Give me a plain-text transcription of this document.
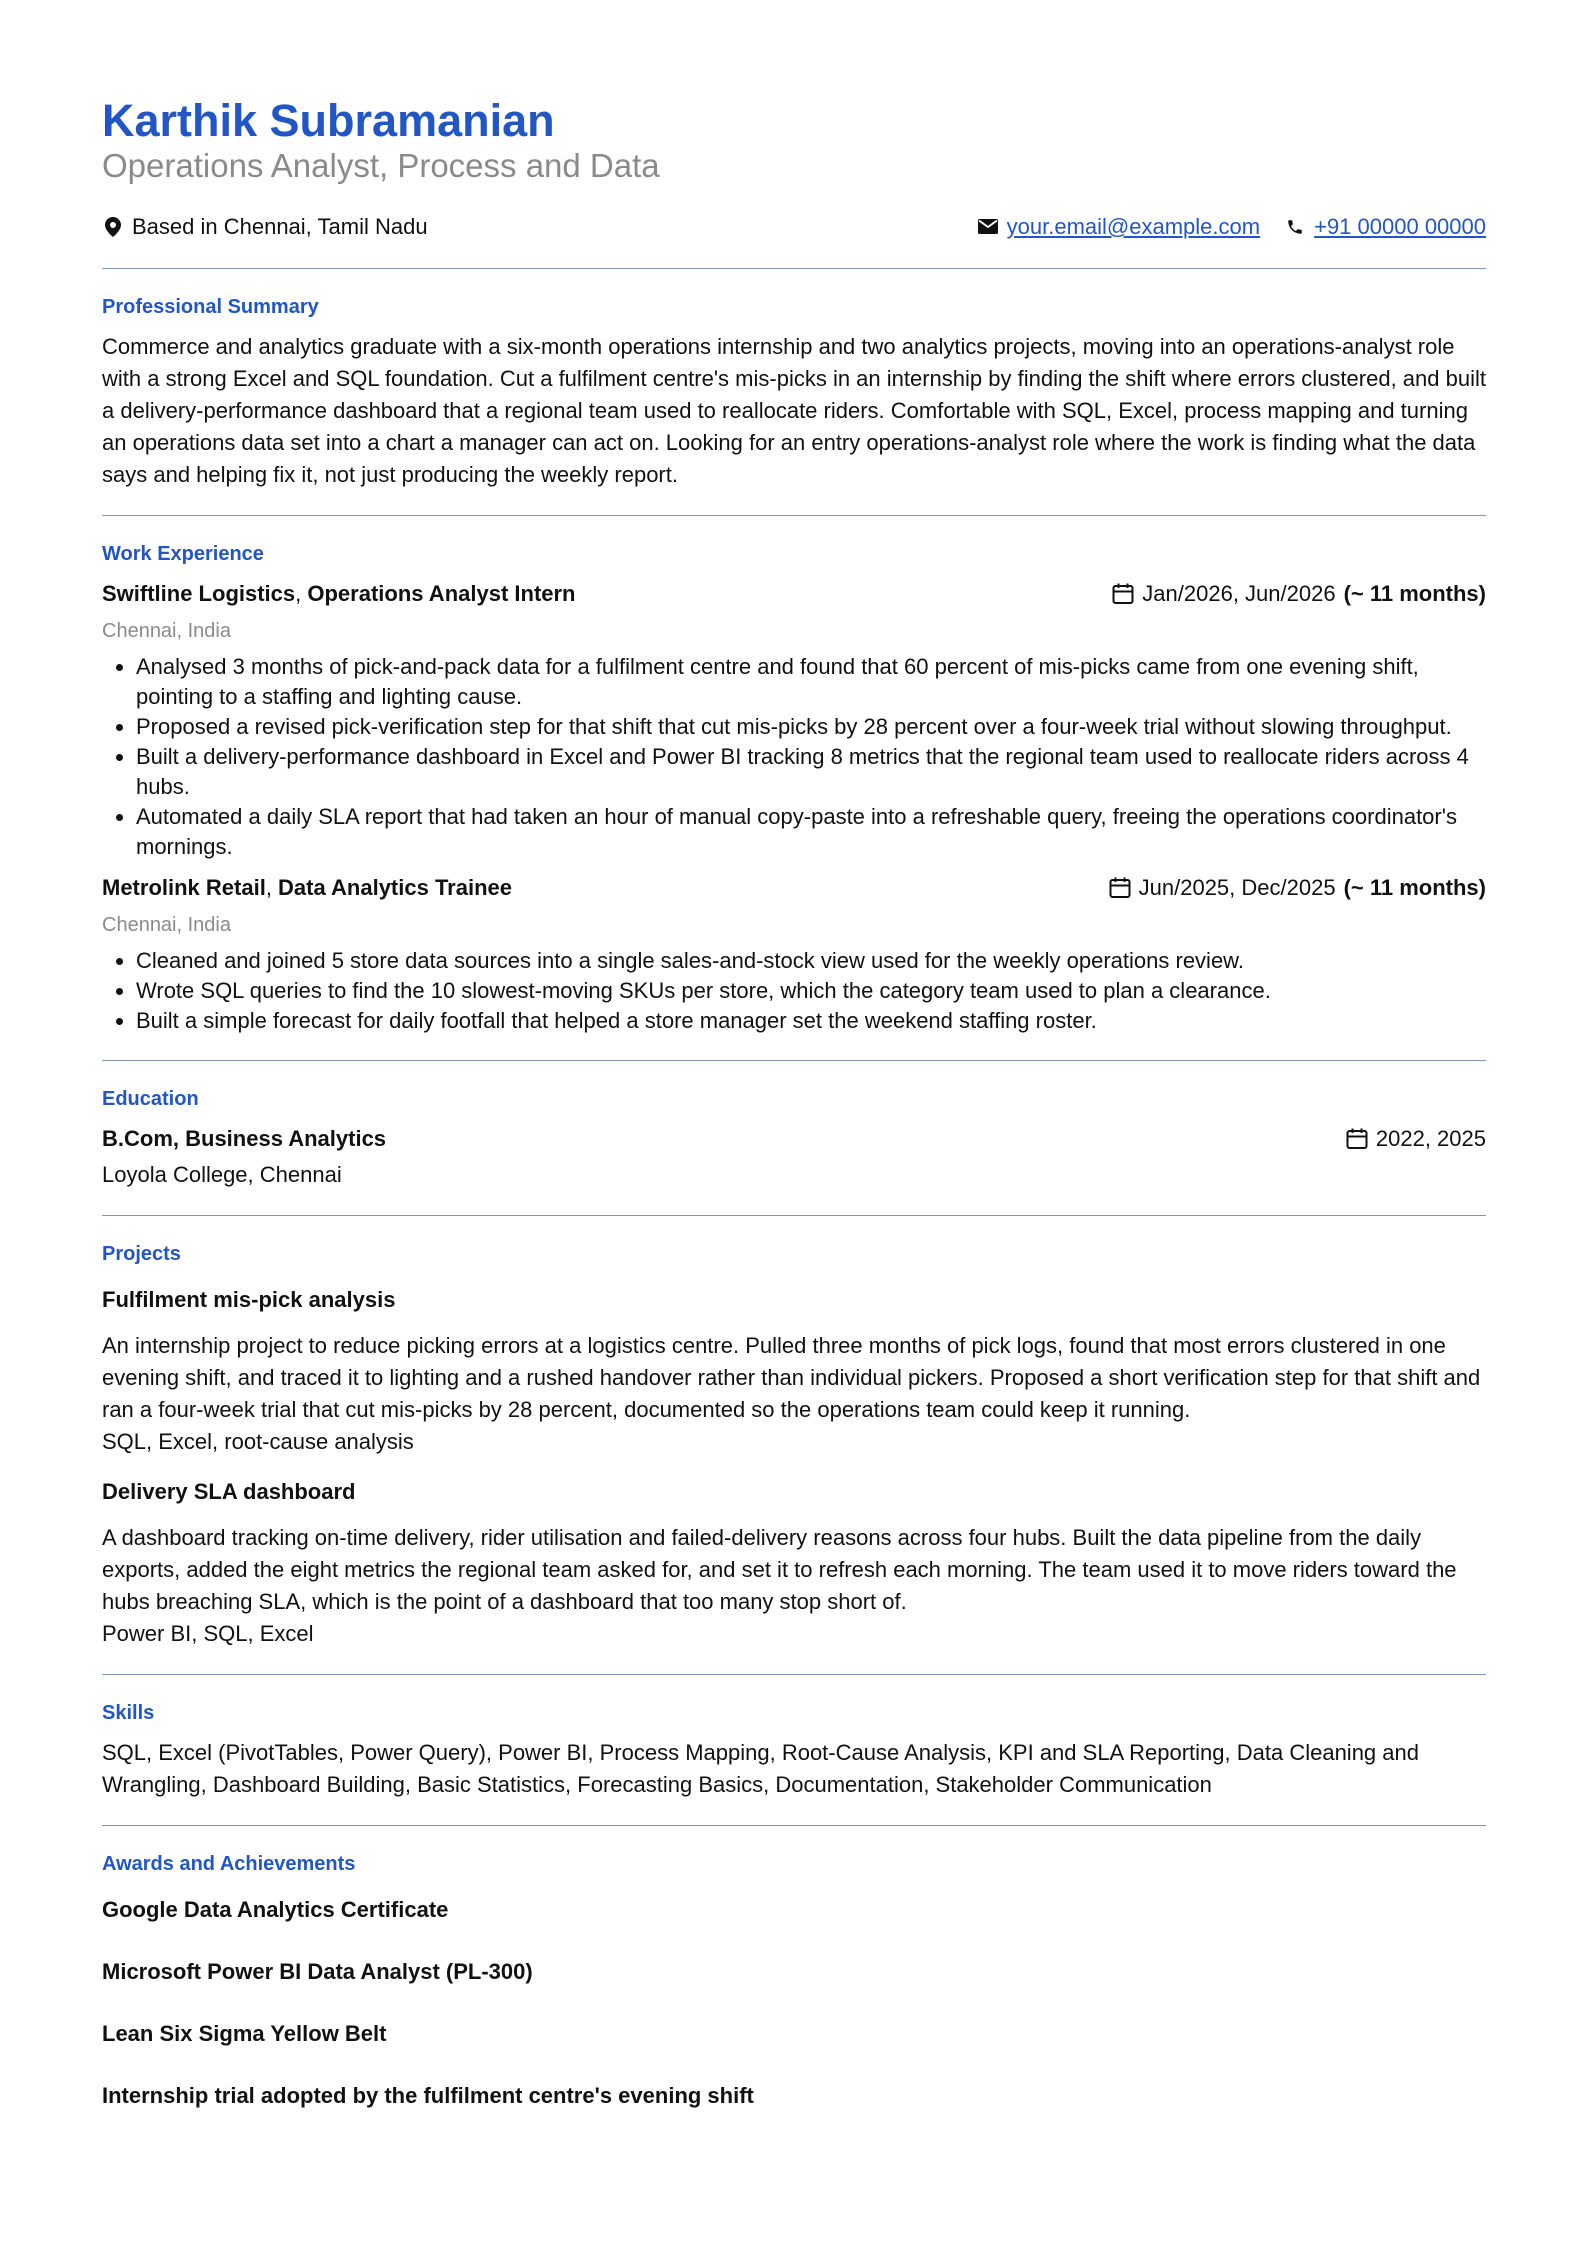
Karthik Subramanian
Operations Analyst, Process and Data
Based in Chennai, Tamil Nadu	your.email@example.com +91 00000 00000
Professional Summary

Commerce and analytics graduate with a six-month operations internship and two analytics projects, moving into an operations-analyst role with a strong Excel and SQL foundation. Cut a fulfilment centre's mis-picks in an internship by finding the shift where errors clustered, and built a delivery-performance dashboard that a regional team used to reallocate riders. Comfortable with SQL, Excel, process mapping and turning an operations data set into a chart a manager can act on. Looking for an entry operations-analyst role where the work is finding what the data says and helping fix it, not just producing the weekly report.

Work Experience
Swiftline Logistics, Operations Analyst Intern	Jan/2026, Jun/2026 (~ 11 months)
Chennai, India
• Analysed 3 months of pick-and-pack data for a fulfilment centre and found that 60 percent of mis-picks came from one evening shift, pointing to a staffing and lighting cause.
• Proposed a revised pick-verification step for that shift that cut mis-picks by 28 percent over a four-week trial without slowing throughput.
• Built a delivery-performance dashboard in Excel and Power BI tracking 8 metrics that the regional team used to reallocate riders across 4 hubs.
• Automated a daily SLA report that had taken an hour of manual copy-paste into a refreshable query, freeing the operations coordinator's mornings.
Metrolink Retail, Data Analytics Trainee	Jun/2025, Dec/2025 (~ 11 months)
Chennai, India
• Cleaned and joined 5 store data sources into a single sales-and-stock view used for the weekly operations review.
• Wrote SQL queries to find the 10 slowest-moving SKUs per store, which the category team used to plan a clearance.
• Built a simple forecast for daily footfall that helped a store manager set the weekend staffing roster.
Education
B.Com, Business Analytics	2022, 2025
Loyola College, Chennai
Projects
Fulfilment mis-pick analysis

An internship project to reduce picking errors at a logistics centre. Pulled three months of pick logs, found that most errors clustered in one evening shift, and traced it to lighting and a rushed handover rather than individual pickers. Proposed a short verification step for that shift and ran a four-week trial that cut mis-picks by 28 percent, documented so the operations team could keep it running.

SQL, Excel, root-cause analysis

Delivery SLA dashboard

A dashboard tracking on-time delivery, rider utilisation and failed-delivery reasons across four hubs. Built the data pipeline from the daily exports, added the eight metrics the regional team asked for, and set it to refresh each morning. The team used it to move riders toward the hubs breaching SLA, which is the point of a dashboard that too many stop short of.

Power BI, SQL, Excel

Skills

SQL, Excel (PivotTables, Power Query), Power BI, Process Mapping, Root-Cause Analysis, KPI and SLA Reporting, Data Cleaning and Wrangling, Dashboard Building, Basic Statistics, Forecasting Basics, Documentation, Stakeholder Communication

Awards and Achievements
Google Data Analytics Certificate
Microsoft Power BI Data Analyst (PL-300)
Lean Six Sigma Yellow Belt
Internship trial adopted by the fulfilment centre's evening shift
